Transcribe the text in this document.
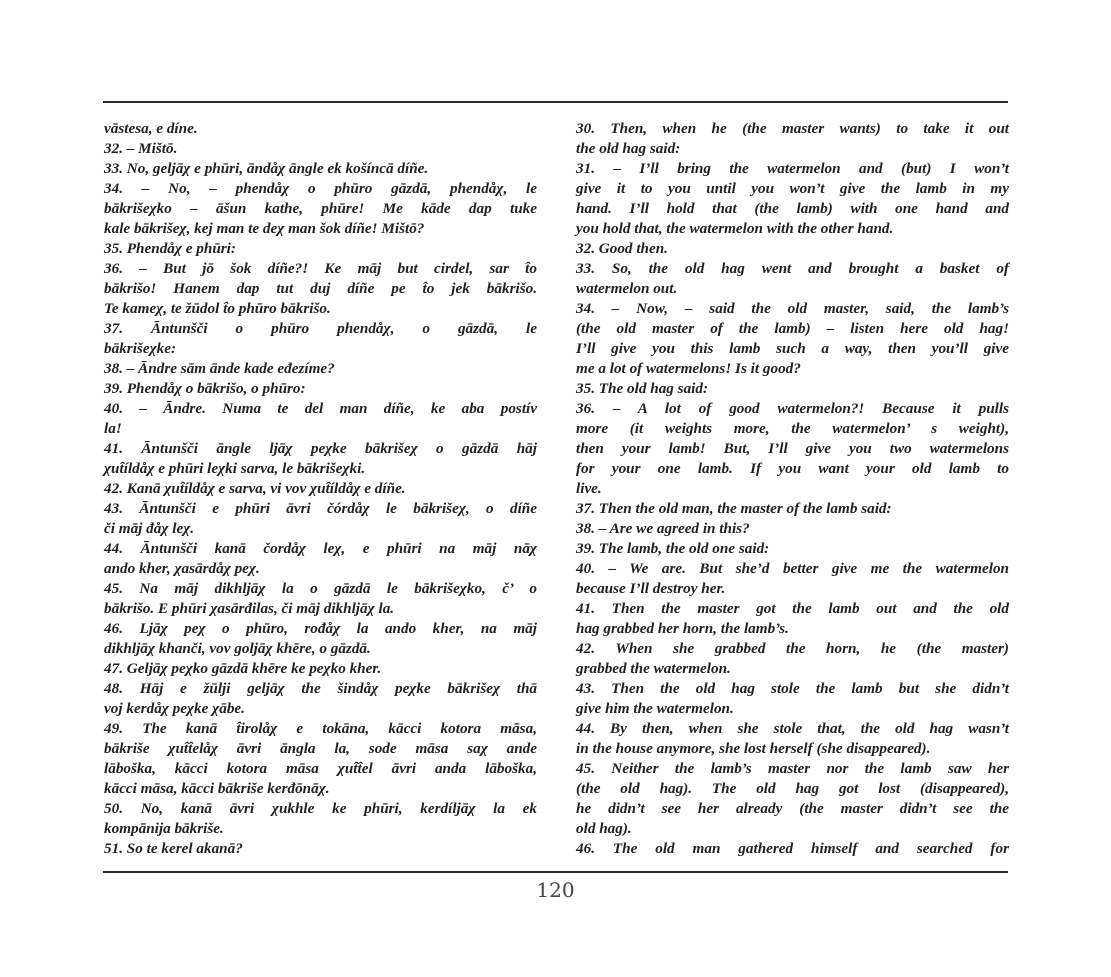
vāstesa, e díne.
32. – Mištō.
33. No, geljāχ e phūri, āndåχ āngle ek košíncā díñe.
34. – No, – phendåχ o phūro gāzdā, phendåχ, le
bākrišeχko – āšun kathe, phūre! Me kāde dap tuke
kale bākrišeχ, kej man te deχ man šok díñe! Mištō?
35. Phendåχ e phūri:
36. – But jō šok díñe?! Ke māj but cirdel, sar t̂o
bākrišo! Hanem dap tut duj díñe pe t̂o jek bākrišo.
Te kameχ, te žūdol t̂o phūro bākrišo.
37. Āntunšči o phūro phendåχ, o gāzdā, le
bākrišeχke:
38. – Āndre sām ānde kade eđezíme?
39. Phendåχ o bākrišo, o phūro:
40. – Āndre. Numa te del man díñe, ke aba postív
la!
41. Āntunšči āngle ljāχ peχke bākrišeχ o gāzdā hāj
χut̂íldåχ e phūri leχki sarva, le bākrišeχki.
42. Kanā χut̂íldåχ e sarva, vi vov χut̂íldåχ e díñe.
43. Āntunšči e phūri āvri čórdåχ le bākrišeχ, o díñe
či māj đåχ leχ.
44. Āntunšči kanā čordåχ leχ, e phūri na māj nāχ
ando kher, χasārdåχ peχ.
45. Na māj dikhljāχ la o gāzdā le bākrišeχko, č’ o
bākrišo. E phūri χasārđilas, či māj dikhljāχ la.
46. Ljāχ peχ o phūro, rođåχ la ando kher, na māj
dikhljāχ khanči, vov goljāχ khēre, o gāzdā.
47. Geljāχ peχko gāzdā khēre ke peχko kher.
48. Hāj e žūlji geljāχ the šindåχ peχke bākrišeχ thā
voj kerdåχ peχke χābe.
49. The kanā t̂irolåχ e tokāna, kācci kotora māsa,
bākriše χut̂t̂elåχ āvri āngla la, sode māsa saχ ande
lāboška, kācci kotora māsa χut̂t̂el āvri anda lāboška,
kācci māsa, kācci bākriše kerđōnāχ.
50. No, kanā āvri χukhle ke phūri, kerdíljāχ la ek
kompānija bākriše.
51. So te kerel akanā?
30. Then, when he (the master wants) to take it out
the old hag said:
31. – I’ll bring the watermelon and (but) I won’t
give it to you until you won’t give the lamb in my
hand. I’ll hold that (the lamb) with one hand and
you hold that, the watermelon with the other hand.
32. Good then.
33. So, the old hag went and brought a basket of
watermelon out.
34. – Now, – said the old master, said, the lamb’s
(the old master of the lamb) – listen here old hag!
I’ll give you this lamb such a way, then you’ll give
me a lot of watermelons! Is it good?
35. The old hag said:
36. – A lot of good watermelon?! Because it pulls
more (it weights more, the watermelon’ s weight),
then your lamb! But, I’ll give you two watermelons
for your one lamb. If you want your old lamb to
live.
37. Then the old man, the master of the lamb said:
38. – Are we agreed in this?
39. The lamb, the old one said:
40. – We are. But she’d better give me the watermelon
because I’ll destroy her.
41. Then the master got the lamb out and the old
hag grabbed her horn, the lamb’s.
42. When she grabbed the horn, he (the master)
grabbed the watermelon.
43. Then the old hag stole the lamb but she didn’t
give him the watermelon.
44. By then, when she stole that, the old hag wasn’t
in the house anymore, she lost herself (she disappeared).
45. Neither the lamb’s master nor the lamb saw her
(the old hag). The old hag got lost (disappeared),
he didn’t see her already (the master didn’t see the
old hag).
46. The old man gathered himself and searched for
120
